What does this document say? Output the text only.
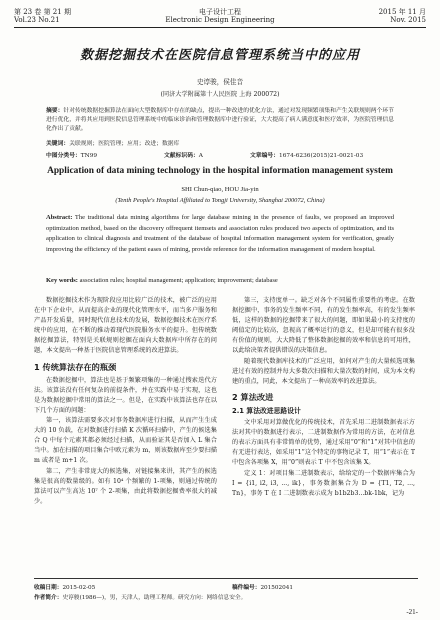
第 23 卷 第 21 期
Vol.23 No.21
电子设计工程
Electronic Design Engineering
2015 年 11 月
Nov. 2015
数据挖掘技术在医院信息管理系统当中的应用
史谆骏，侯佳音
(同济大学附属第十人民医院 上海 200072)
摘要：针对传统数据挖掘算法在面向大型数据库中存在的缺点，提出一种改进的优化方法，通过对发现频繁项集和产生关联规则两个环节进行优化，并将其应用到医院信息管理系统中的临床诊治和管理数据库中进行验证，大大提高了病人满意度和医疗效率，为医院管理信息化作出了贡献。
关键词：关联规则；医院管理；应用；改进；数据库
中图分类号：TN99	文献标识码：A	文章编号：1674-6236(2015)21-0021-03
Application of data mining technology in the hospital information management system
SHI Chun-qiao, HOU Jia-yin
(Tenth People's Hospital Affiliated to Tongji University, Shanghai 200072, China)
Abstract: The traditional data mining algorithms for large database mining in the presence of faults, we proposed an improved optimization method, based on the discovery offrequent itemsets and association rules produced two aspects of optimization, and its application to clinical diagnosis and treatment of the database of hospital information management system for verification, greatly improving the efficiency of the patient eases of mining, provide reference for the information management of modern hospital.
Key words: association rules; hospital management; application; improvement; database

数据挖掘技术作为现阶段应用比较广泛的技术，被广泛的应用在中下企业中，从而提高企业的现代化管理水平，而当多户服务和产品开发质量，同时现代信息技术的发展，数据挖掘技术在医疗系统中的应用，在不断的推动着现代医院服务水平的提升。但传统数据挖掘算法，特别是关联规则挖掘在面向大数据库中所存在的问题，本文提出一种基于医院信息管理系统的改进算法。

1 传统算法存在的瓶颈

在数据挖掘中，算法也是基于频繁项集的一种通过搜索迭代方法。该算法没有任何复杂的前提条件，并在实践中易于实现，这也是为数据挖掘中常用的算法之一。但是，在实践中该算法也存在以下几个方面的问题：

第一，该算法需要多次对事务数据库进行扫描，从而产生生成大的 10 负载，在对数据进行扫描 K 次循环扫描中，产生的候选集合 Q 中每个元素其都必须经过扫描，从而验证其是否加入 L 集合当中。加在扫描的项目集合中欧元素为 m，则该数据库至少要扫描 m 或者是 m+1 次。

第二，产生非常庞大的候选集，对链接集来讲，其产生的候选集是很高的数量级的。如有 10⁴ 个频繁的 1-项集，则通过传统的算法可以产生高达 10⁷ 个 2-项集，由此将数据挖掘费率很大的减少。

第三，支持度单一。缺乏对各个不同属性重要性的考虑。在数据挖掘中，事务的发生频率不同，有的发生频率高，有的发生频率低，这样的数据的挖掘带来了很大的问题，即如果最小的支持度的阈值定的比较高，忽视高了概率运行的意义，但是却可能有很多没有价值的规则，大大降低了整体数据挖掘的效率和信息的可用性，以此给决策者提供错误的决策信息。

随着现代数据库技术的广泛应用，如何对产生的大量候选项集进过有效的控制并每大多数次扫描和大量次数的时间，成为本文构建的重点，同此，本文提出了一种高效率的改进算法。

2 算法改进
2.1 算法改进思路设计

文中采用对算做优化的传统技术，首先采用二进制数据表示方法对其中的数据进行表示，二进制数据作为常用的方法，在对信息的表示方面具有非常简单的优势，通过采用“0”和“1”对其中信息的有无进行表达，如采用“1”这个特定的事物记录 T，用“1”表示在 T 中包含各项集 X，用“0”则表示 T 中不包含该集 X。

定义 1：对项目集二进制数表示，给给定的一个数据库集合为 I = {i1, i2, i3, ..., ik}，事务数据集合为 D = {T1, T2, ..., Tn}，事务 T 在 I 二进制数表示成为 b1b2b3...bk-1bk，记为

收稿日期：2015-02-05	稿件编号：201502041
作者简介：史谆骏(1986—)，男，天津人，助理工程师。研究方向：网络信息安全。
-21-
